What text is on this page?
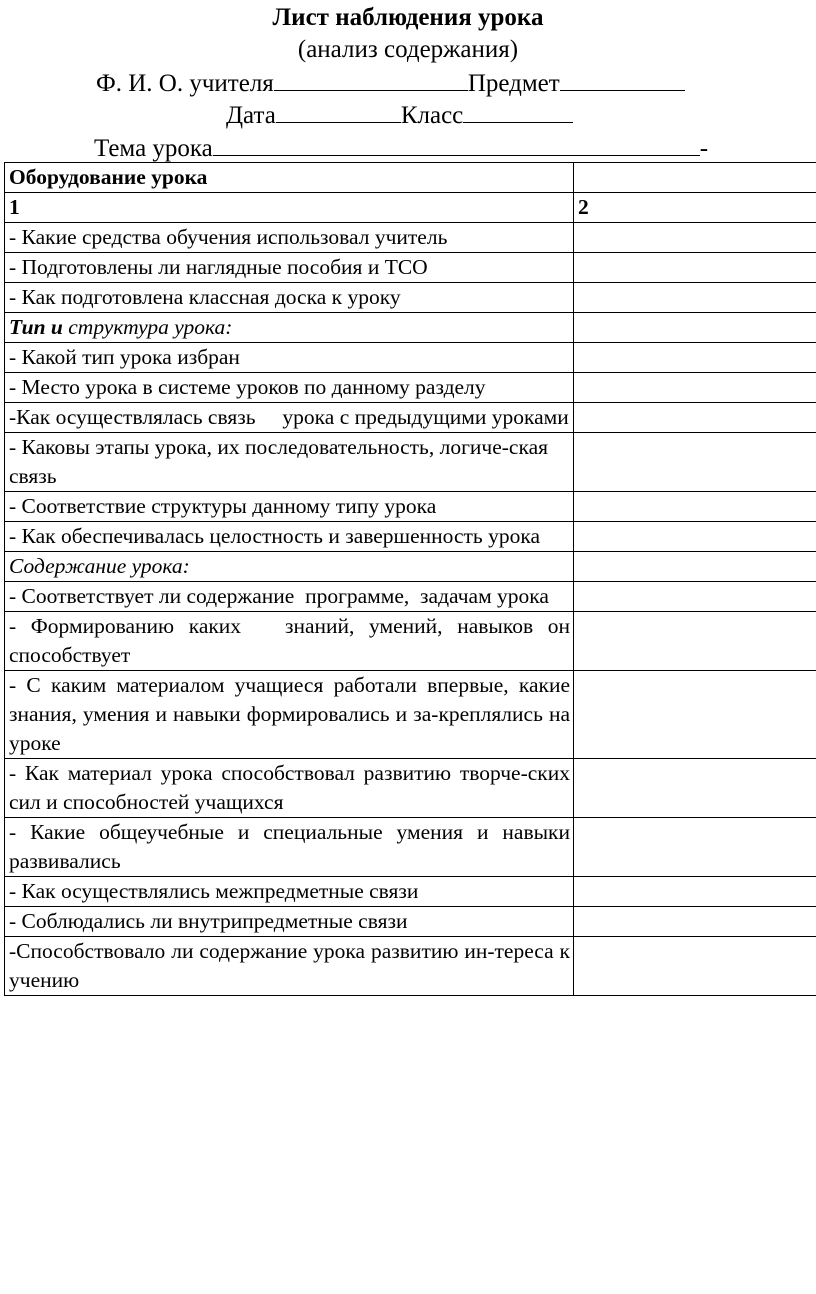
Лист наблюдения урока
(анализ содержания)
Ф. И. О. учителя	Предмет
Дата	Класс
Тема урока	-
Оборудование урока	
1	2
- Какие средства обучения использовал учитель	
- Подготовлены ли наглядные пособия и ТСО	
- Как подготовлена классная доска к уроку	
Тип и структура урока:	
- Какой тип урока избран	
- Место урока в системе уроков по данному разделу	
-Как осуществлялась связь     урока с предыдущими уроками	
- Каковы этапы урока, их последовательность, логиче-ская связь	
- Соответствие структуры данному типу урока	
- Как обеспечивалась целостность и завершенность урока	
Содержание урока:	
- Соответствует ли содержание  программе,  задачам урока	
- Формированию каких   знаний, умений, навыков он способствует	
- С каким материалом учащиеся работали впервые, какие знания, умения и навыки формировались и за-креплялись на уроке	
- Как материал урока способствовал развитию творче-ских сил и способностей учащихся	
- Какие общеучебные и специальные умения и навыки развивались	
- Как осуществлялись межпредметные связи	
- Соблюдались ли внутрипредметные связи	
-Способствовало ли содержание урока развитию ин-тереса к учению	
